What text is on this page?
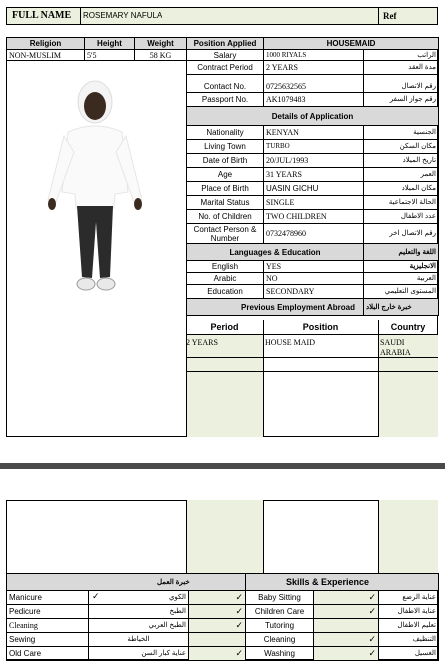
FULL NAME ROSEMARY NAFULA	Ref
Religion	Height	Weight
NON-MUSLIM	5'5	58 KG
Position Applied	HOUSEMAID	
Salary	1000 RIYALS	الراتب
Contract Period	2 YEARS	مدة العقد
Contact No.	0725632565	رقم الاتصال
Passport No.	AK1079483	رقم جواز السفر
Details of Application		
Nationality	KENYAN	الجنسية
Living Town	TURBO	مكان السكن
Date of Birth	20/JUL/1993	تاريخ الميلاد
Age	31 YEARS	العمر
Place of Birth	UASIN GICHU	مكان الميلاد
Marital Status	SINGLE	الحالة الاجتماعية
No. of Children	TWO CHILDREN	عدد الاطفال
Contact Person & Number	0732478960	رقم الاتصال اخر
Languages & Education		اللغة والتعليم
English	YES	الانجليزية
Arabic	NO	العربية
Education	SECONDARY	المستوى التعليمي
Previous Employment Abroad		خبرة خارج البلاد
Period	Position	Country
2 YEARS	HOUSE MAID	SAUDI ARABIA
خبرة العمل			Skills & Experience		
Manicure	✓ الكوي	✓	Baby Sitting	✓	عناية الرضع
Pedicure	الطبخ	✓	Children Care	✓	عناية الاطفال
Cleaning	الطبخ العربي	✓	Tutoring		تعليم الاطفال
Sewing	الخياطة		Cleaning	✓	التنظيف
Old Care	عناية كبار السن	✓	Washing	✓	الغسيل
